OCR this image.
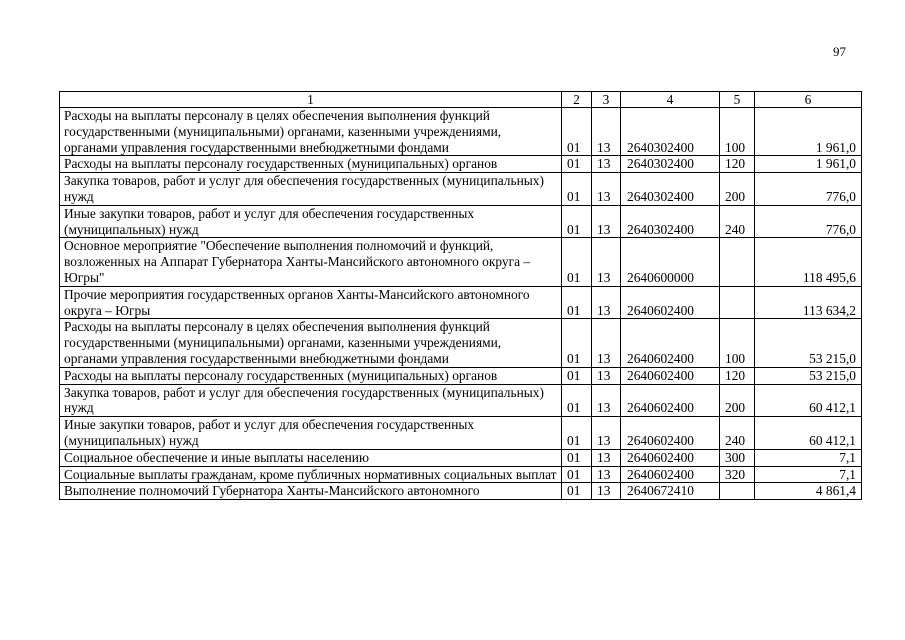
97
1	2	3	4	5	6
Расходы на выплаты персоналу в целях обеспечения выполнения функций государственными (муниципальными) органами, казенными учреждениями, органами управления государственными внебюджетными фондами	01	13	2640302400	100	1 961,0
Расходы на выплаты персоналу государственных (муниципальных) органов	01	13	2640302400	120	1 961,0
Закупка товаров, работ и услуг для обеспечения государственных (муниципальных) нужд	01	13	2640302400	200	776,0
Иные закупки товаров, работ и услуг для обеспечения государственных (муниципальных) нужд	01	13	2640302400	240	776,0
Основное мероприятие "Обеспечение выполнения полномочий и функций, возложенных на Аппарат Губернатора Ханты-Мансийского автономного округа – Югры"	01	13	2640600000		118 495,6
Прочие мероприятия государственных органов Ханты-Мансийского автономного округа – Югры	01	13	2640602400		113 634,2
Расходы на выплаты персоналу в целях обеспечения выполнения функций государственными (муниципальными) органами, казенными учреждениями, органами управления государственными внебюджетными фондами	01	13	2640602400	100	53 215,0
Расходы на выплаты персоналу государственных (муниципальных) органов	01	13	2640602400	120	53 215,0
Закупка товаров, работ и услуг для обеспечения государственных (муниципальных) нужд	01	13	2640602400	200	60 412,1
Иные закупки товаров, работ и услуг для обеспечения государственных (муниципальных) нужд	01	13	2640602400	240	60 412,1
Социальное обеспечение и иные выплаты населению	01	13	2640602400	300	7,1
Социальные выплаты гражданам, кроме публичных нормативных социальных выплат	01	13	2640602400	320	7,1
Выполнение полномочий Губернатора Ханты-Мансийского автономного	01	13	2640672410		4 861,4
